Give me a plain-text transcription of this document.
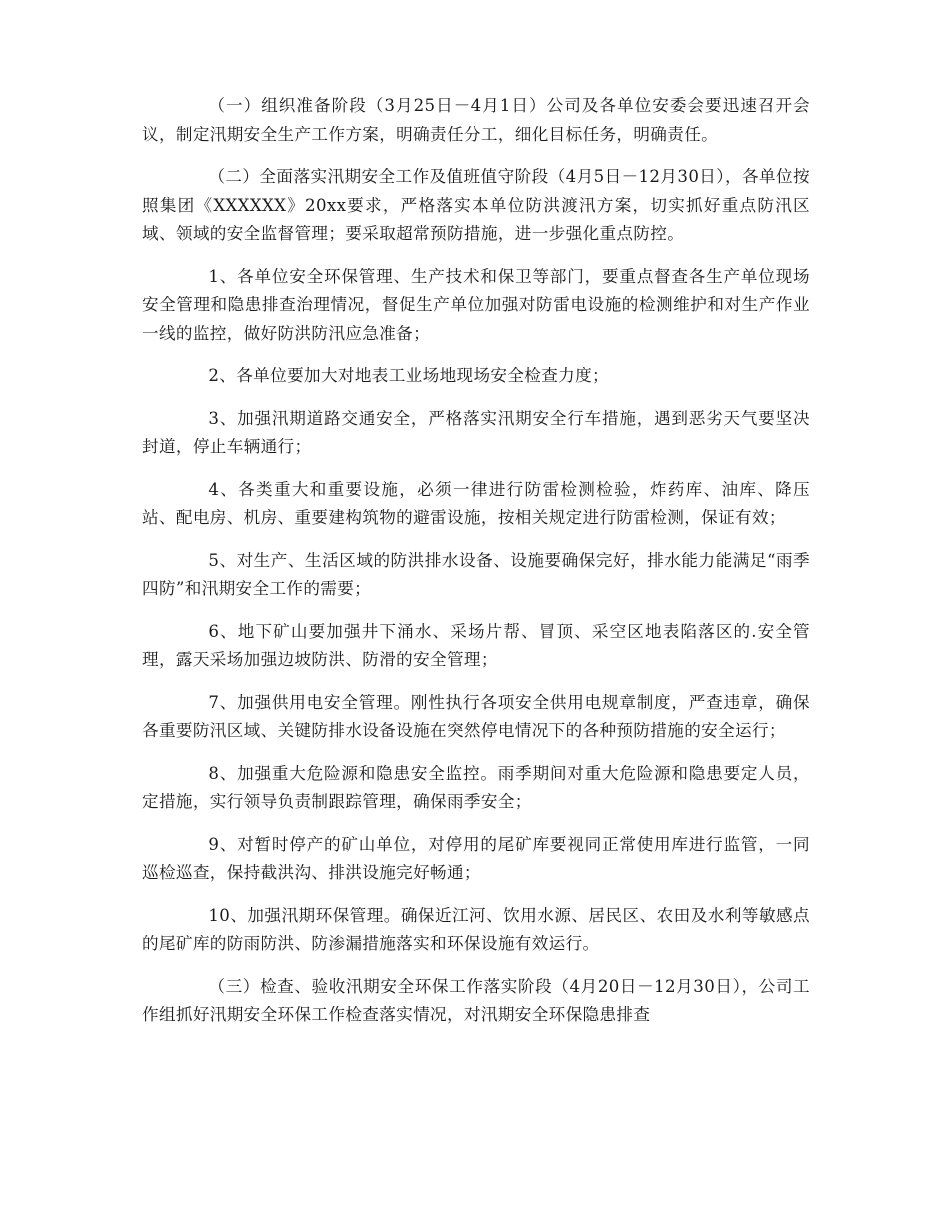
（一）组织准备阶段（3月25日－4月1日）公司及各单位安委会要迅速召开会议，制定汛期安全生产工作方案，明确责任分工，细化目标任务，明确责任。

（二）全面落实汛期安全工作及值班值守阶段（4月5日－12月30日），各单位按照集团《XXXXXX》20xx要求，严格落实本单位防洪渡汛方案，切实抓好重点防汛区域、领域的安全监督管理；要采取超常预防措施，进一步强化重点防控。

1、各单位安全环保管理、生产技术和保卫等部门，要重点督查各生产单位现场安全管理和隐患排查治理情况，督促生产单位加强对防雷电设施的检测维护和对生产作业一线的监控，做好防洪防汛应急准备；

2、各单位要加大对地表工业场地现场安全检查力度；

3、加强汛期道路交通安全，严格落实汛期安全行车措施，遇到恶劣天气要坚决封道，停止车辆通行；

4、各类重大和重要设施，必须一律进行防雷检测检验，炸药库、油库、降压站、配电房、机房、重要建构筑物的避雷设施，按相关规定进行防雷检测，保证有效；

5、对生产、生活区域的防洪排水设备、设施要确保完好，排水能力能满足“雨季四防”和汛期安全工作的需要；

6、地下矿山要加强井下涌水、采场片帮、冒顶、采空区地表陷落区的.安全管理，露天采场加强边坡防洪、防滑的安全管理；

7、加强供用电安全管理。刚性执行各项安全供用电规章制度，严查违章，确保各重要防汛区域、关键防排水设备设施在突然停电情况下的各种预防措施的安全运行；

8、加强重大危险源和隐患安全监控。雨季期间对重大危险源和隐患要定人员，定措施，实行领导负责制跟踪管理，确保雨季安全；

9、对暂时停产的矿山单位，对停用的尾矿库要视同正常使用库进行监管，一同巡检巡查，保持截洪沟、排洪设施完好畅通；

10、加强汛期环保管理。确保近江河、饮用水源、居民区、农田及水利等敏感点的尾矿库的防雨防洪、防渗漏措施落实和环保设施有效运行。

（三）检查、验收汛期安全环保工作落实阶段（4月20日－12月30日），公司工作组抓好汛期安全环保工作检查落实情况，对汛期安全环保隐患排查
